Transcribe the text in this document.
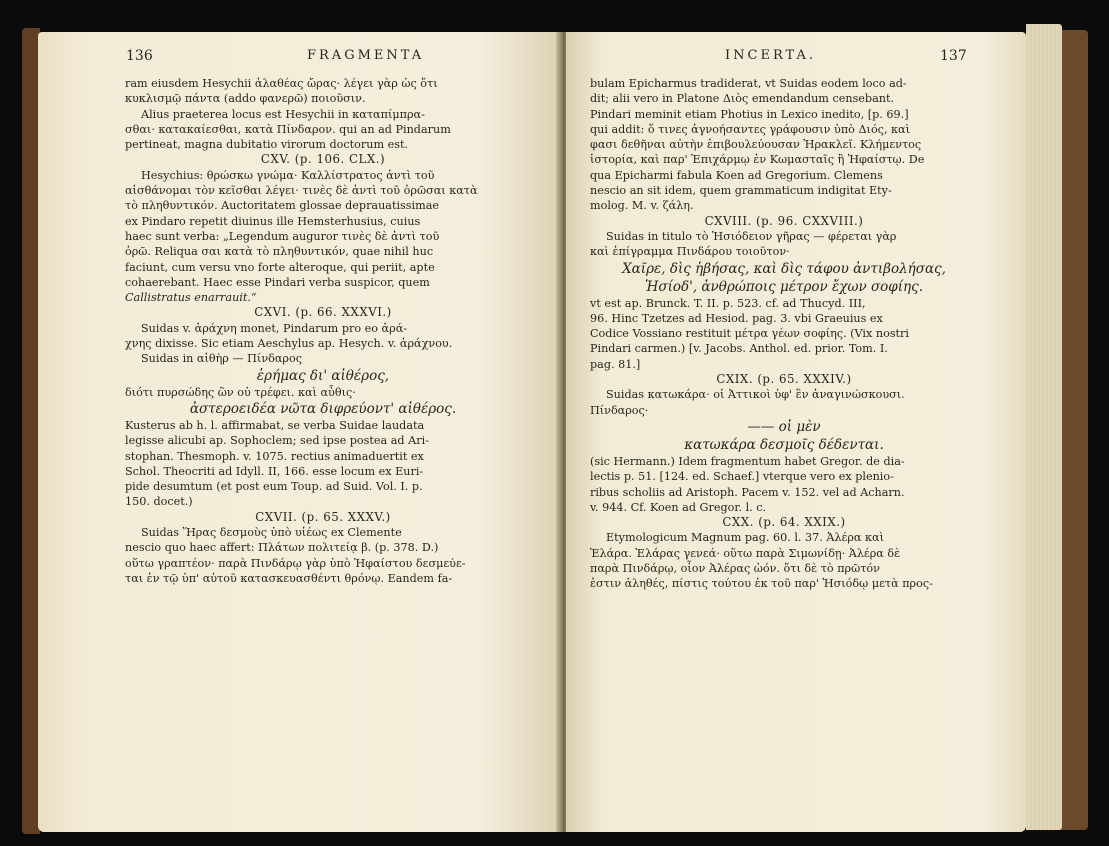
136	FRAGMENTA

ram eiusdem Hesychii ἀλαθέας ὤρας· λέγει γὰρ ὡς ὅτι

κυκλισμῷ πάντα (addo φανερῶ) ποιοῦσιν.

Alius praeterea locus est Hesychii in καταπίμπρα-

σθαι· κατακαίεσθαι, κατὰ Πίνδαρον. qui an ad Pindarum

pertineat, magna dubitatio virorum doctorum est.

CXV. (p. 106. CLX.)

Hesychius: θρώσκω γνώμα· Καλλίστρατος ἀντὶ τοῦ

αἰσθάνομαι τὸν κεῖσθαι λέγει· τινὲς δὲ ἀντὶ τοῦ ὁρῶσαι κατὰ

τὸ πληθυντικόν. Auctoritatem glossae deprauatissimae

ex Pindaro repetit diuinus ille Hemsterhusius, cuius

haec sunt verba: „Legendum auguror τινὲς δὲ ἀντὶ τοῦ

ὁρῶ. Reliqua σαι κατὰ τὸ πληθυντικόν, quae nihil huc

faciunt, cum versu vno forte alteroque, qui periit, apte

cohaerebant. Haec esse Pindari verba suspicor, quem

Callistratus enarrauit.“

CXVI. (p. 66. XXXVI.)

Suidas v. ἀράχνη monet, Pindarum pro eo ἀρά-

χνης dixisse. Sic etiam Aeschylus ap. Hesych. v. ἀράχνου.

Suidas in αἰθὴρ — Πίνδαρος

ἐρήμας δι' αἰθέρος,

διότι πυρσώδης ὢν οὐ τρέφει. καὶ αὖθις·

ἀστεροειδέα νῶτα διφρεύοντ' αἰθέρος.

Kusterus ab h. l. affirmabat, se verba Suidae laudata

legisse alicubi ap. Sophoclem; sed ipse postea ad Ari-

stophan. Thesmoph. v. 1075. rectius animaduertit ex

Schol. Theocriti ad Idyll. II, 166. esse locum ex Euri-

pide desumtum (et post eum Toup. ad Suid. Vol. I. p.

150. docet.)

CXVII. (p. 65. XXXV.)

Suidas Ἥρας δεσμοὺς ὑπὸ υἱέως ex Clemente

nescio quo haec affert: Πλάτων πολιτείᾳ β. (p. 378. D.)

οὕτω γραπτέον· παρὰ Πινδάρῳ γὰρ ὑπὸ Ἡφαίστου δεσμεύε-

ται ἐν τῷ ὑπ' αὐτοῦ κατασκευασθέντι θρόνῳ. Eandem fa-

INCERTA.	137

bulam Epicharmus tradiderat, vt Suidas eodem loco ad-

dit; alii vero in Platone Διὸς emendandum censebant.

Pindari meminit etiam Photius in Lexico inedito, [p. 69.]

qui addit: ὅ τινες ἀγνοήσαντες γράφουσιν ὑπὸ Διός, καὶ

φασι δεθῆναι αὐτὴν ἐπιβουλεύουσαν Ἡρακλεῖ. Κλήμεντος

ἱστορία, καὶ παρ' Ἐπιχάρμῳ ἐν Κωμασταῖς ἢ Ἡφαίστῳ. De

qua Epicharmi fabula Koen ad Gregorium. Clemens

nescio an sit idem, quem grammaticum indigitat Ety-

molog. M. v. ζάλη.

CXVIII. (p. 96. CXXVIII.)

Suidas in titulo τὸ Ἡσιόδειον γῆρας — φέρεται γὰρ

καὶ ἐπίγραμμα Πινδάρου τοιοῦτον·

Χαῖρε, δὶς ἡβήσας, καὶ δὶς τάφου ἀντιβολήσας,

Ἡσίοδ', ἀνθρώποις μέτρον ἔχων σοφίης.

vt est ap. Brunck. T. II. p. 523. cf. ad Thucyd. III,

96. Hinc Tzetzes ad Hesiod. pag. 3. vbi Graeuius ex

Codice Vossiano restituit μέτρα γέων σοφίης. (Vix nostri

Pindari carmen.) [v. Jacobs. Anthol. ed. prior. Tom. I.

pag. 81.]

CXIX. (p. 65. XXXIV.)

Suidas κατωκάρα· οἱ Ἀττικοὶ ὑφ' ἓν ἀναγινώσκουσι.

Πίνδαρος·

—— οἱ μὲν

κατωκάρα δεσμοῖς δέδενται.

(sic Hermann.) Idem fragmentum habet Gregor. de dia-

lectis p. 51. [124. ed. Schaef.] vterque vero ex plenio-

ribus scholiis ad Aristoph. Pacem v. 152. vel ad Acharn.

v. 944. Cf. Koen ad Gregor. l. c.

CXX. (p. 64. XXIX.)

Etymologicum Magnum pag. 60. l. 37. Ἀλέρα καὶ

Ἐλάρα. Ἐλάρας γενεά· οὕτω παρὰ Σιμωνίδῃ· Ἀλέρα δὲ

παρὰ Πινδάρῳ, οἷον Ἀλέρας ὠόν. ὅτι δὲ τὸ πρῶτόν

ἐστιν ἀληθές, πίστις τούτου ἐκ τοῦ παρ' Ἡσιόδῳ μετὰ προς-
